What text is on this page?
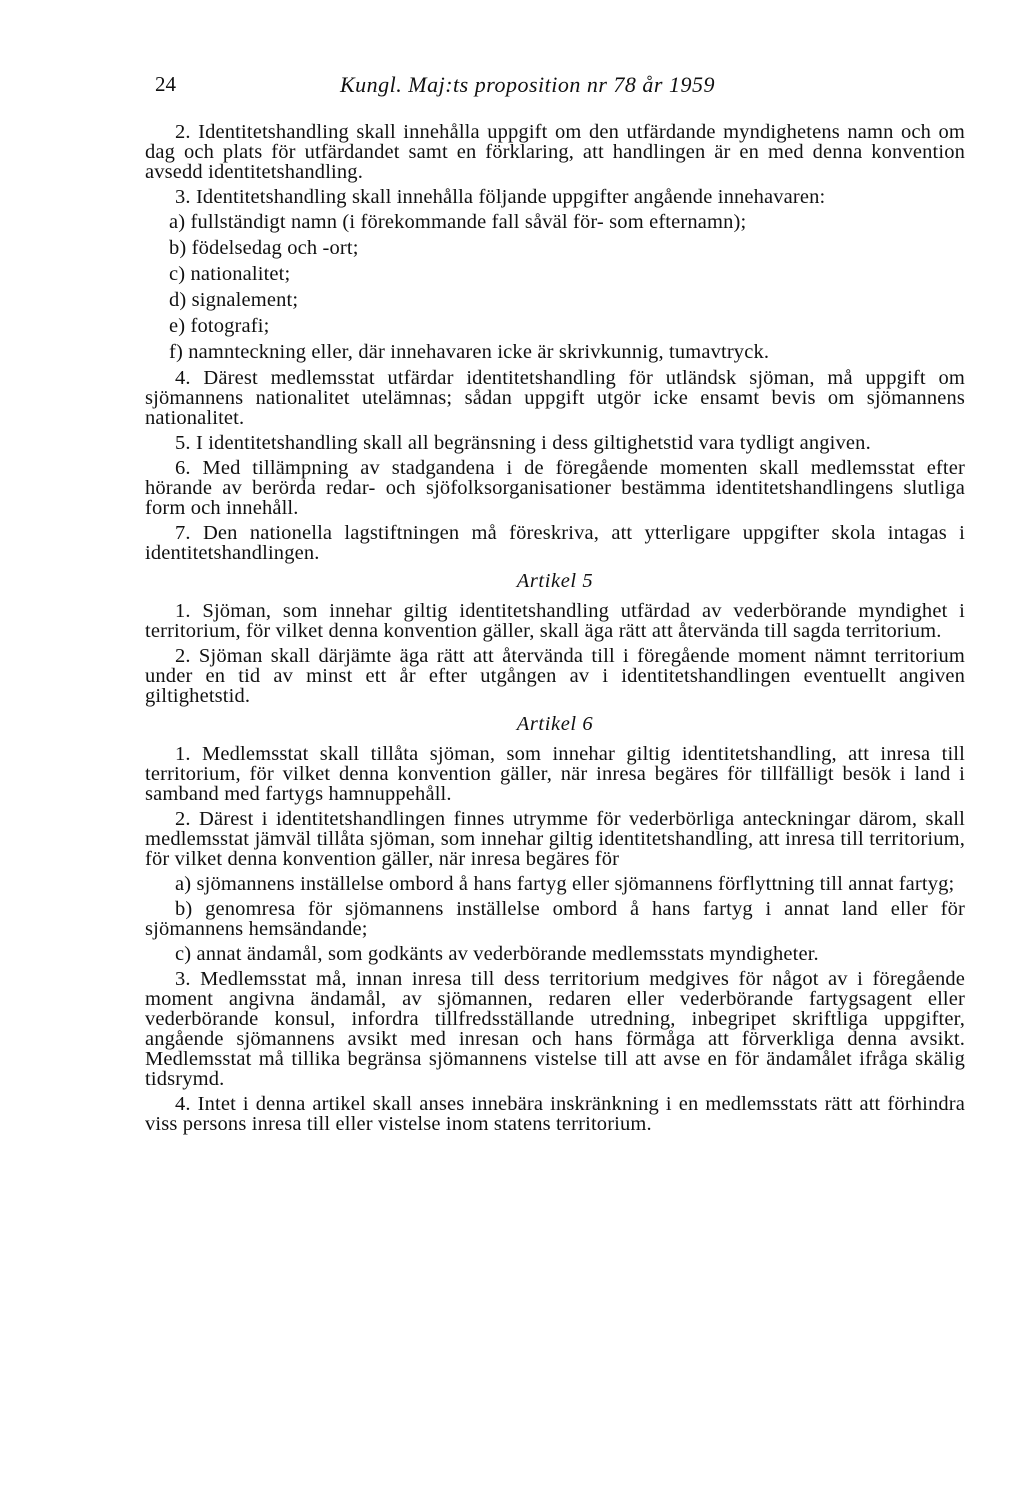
24	Kungl. Maj:ts proposition nr 78 år 1959

2. Identitetshandling skall innehålla uppgift om den utfärdande myndighetens namn och om dag och plats för utfärdandet samt en förklaring, att handlingen är en med denna konvention avsedd identitetshandling.

3. Identitetshandling skall innehålla följande uppgifter angående innehavaren:

a) fullständigt namn (i förekommande fall såväl för- som efternamn);

b) födelsedag och -ort;

c) nationalitet;

d) signalement;

e) fotografi;

f) namnteckning eller, där innehavaren icke är skrivkunnig, tumavtryck.

4. Därest medlemsstat utfärdar identitetshandling för utländsk sjöman, må uppgift om sjömannens nationalitet utelämnas; sådan uppgift utgör icke ensamt bevis om sjömannens nationalitet.

5. I identitetshandling skall all begränsning i dess giltighetstid vara tydligt angiven.

6. Med tillämpning av stadgandena i de föregående momenten skall medlemsstat efter hörande av berörda redar- och sjöfolksorganisationer bestämma identitetshandlingens slutliga form och innehåll.

7. Den nationella lagstiftningen må föreskriva, att ytterligare uppgifter skola intagas i identitetshandlingen.

Artikel 5

1. Sjöman, som innehar giltig identitetshandling utfärdad av vederbörande myndighet i territorium, för vilket denna konvention gäller, skall äga rätt att återvända till sagda territorium.

2. Sjöman skall därjämte äga rätt att återvända till i föregående moment nämnt territorium under en tid av minst ett år efter utgången av i identitetshandlingen eventuellt angiven giltighetstid.

Artikel 6

1. Medlemsstat skall tillåta sjöman, som innehar giltig identitetshandling, att inresa till territorium, för vilket denna konvention gäller, när inresa begäres för tillfälligt besök i land i samband med fartygs hamnuppehåll.

2. Därest i identitetshandlingen finnes utrymme för vederbörliga anteckningar därom, skall medlemsstat jämväl tillåta sjöman, som innehar giltig identitetshandling, att inresa till territorium, för vilket denna konvention gäller, när inresa begäres för

a) sjömannens inställelse ombord å hans fartyg eller sjömannens förflyttning till annat fartyg;

b) genomresa för sjömannens inställelse ombord å hans fartyg i annat land eller för sjömannens hemsändande;

c) annat ändamål, som godkänts av vederbörande medlemsstats myndigheter.

3. Medlemsstat må, innan inresa till dess territorium medgives för något av i föregående moment angivna ändamål, av sjömannen, redaren eller vederbörande fartygsagent eller vederbörande konsul, infordra tillfredsställande utredning, inbegripet skriftliga uppgifter, angående sjömannens avsikt med inresan och hans förmåga att förverkliga denna avsikt. Medlemsstat må tillika begränsa sjömannens vistelse till att avse en för ändamålet ifråga skälig tidsrymd.

4. Intet i denna artikel skall anses innebära inskränkning i en medlemsstats rätt att förhindra viss persons inresa till eller vistelse inom statens territorium.
